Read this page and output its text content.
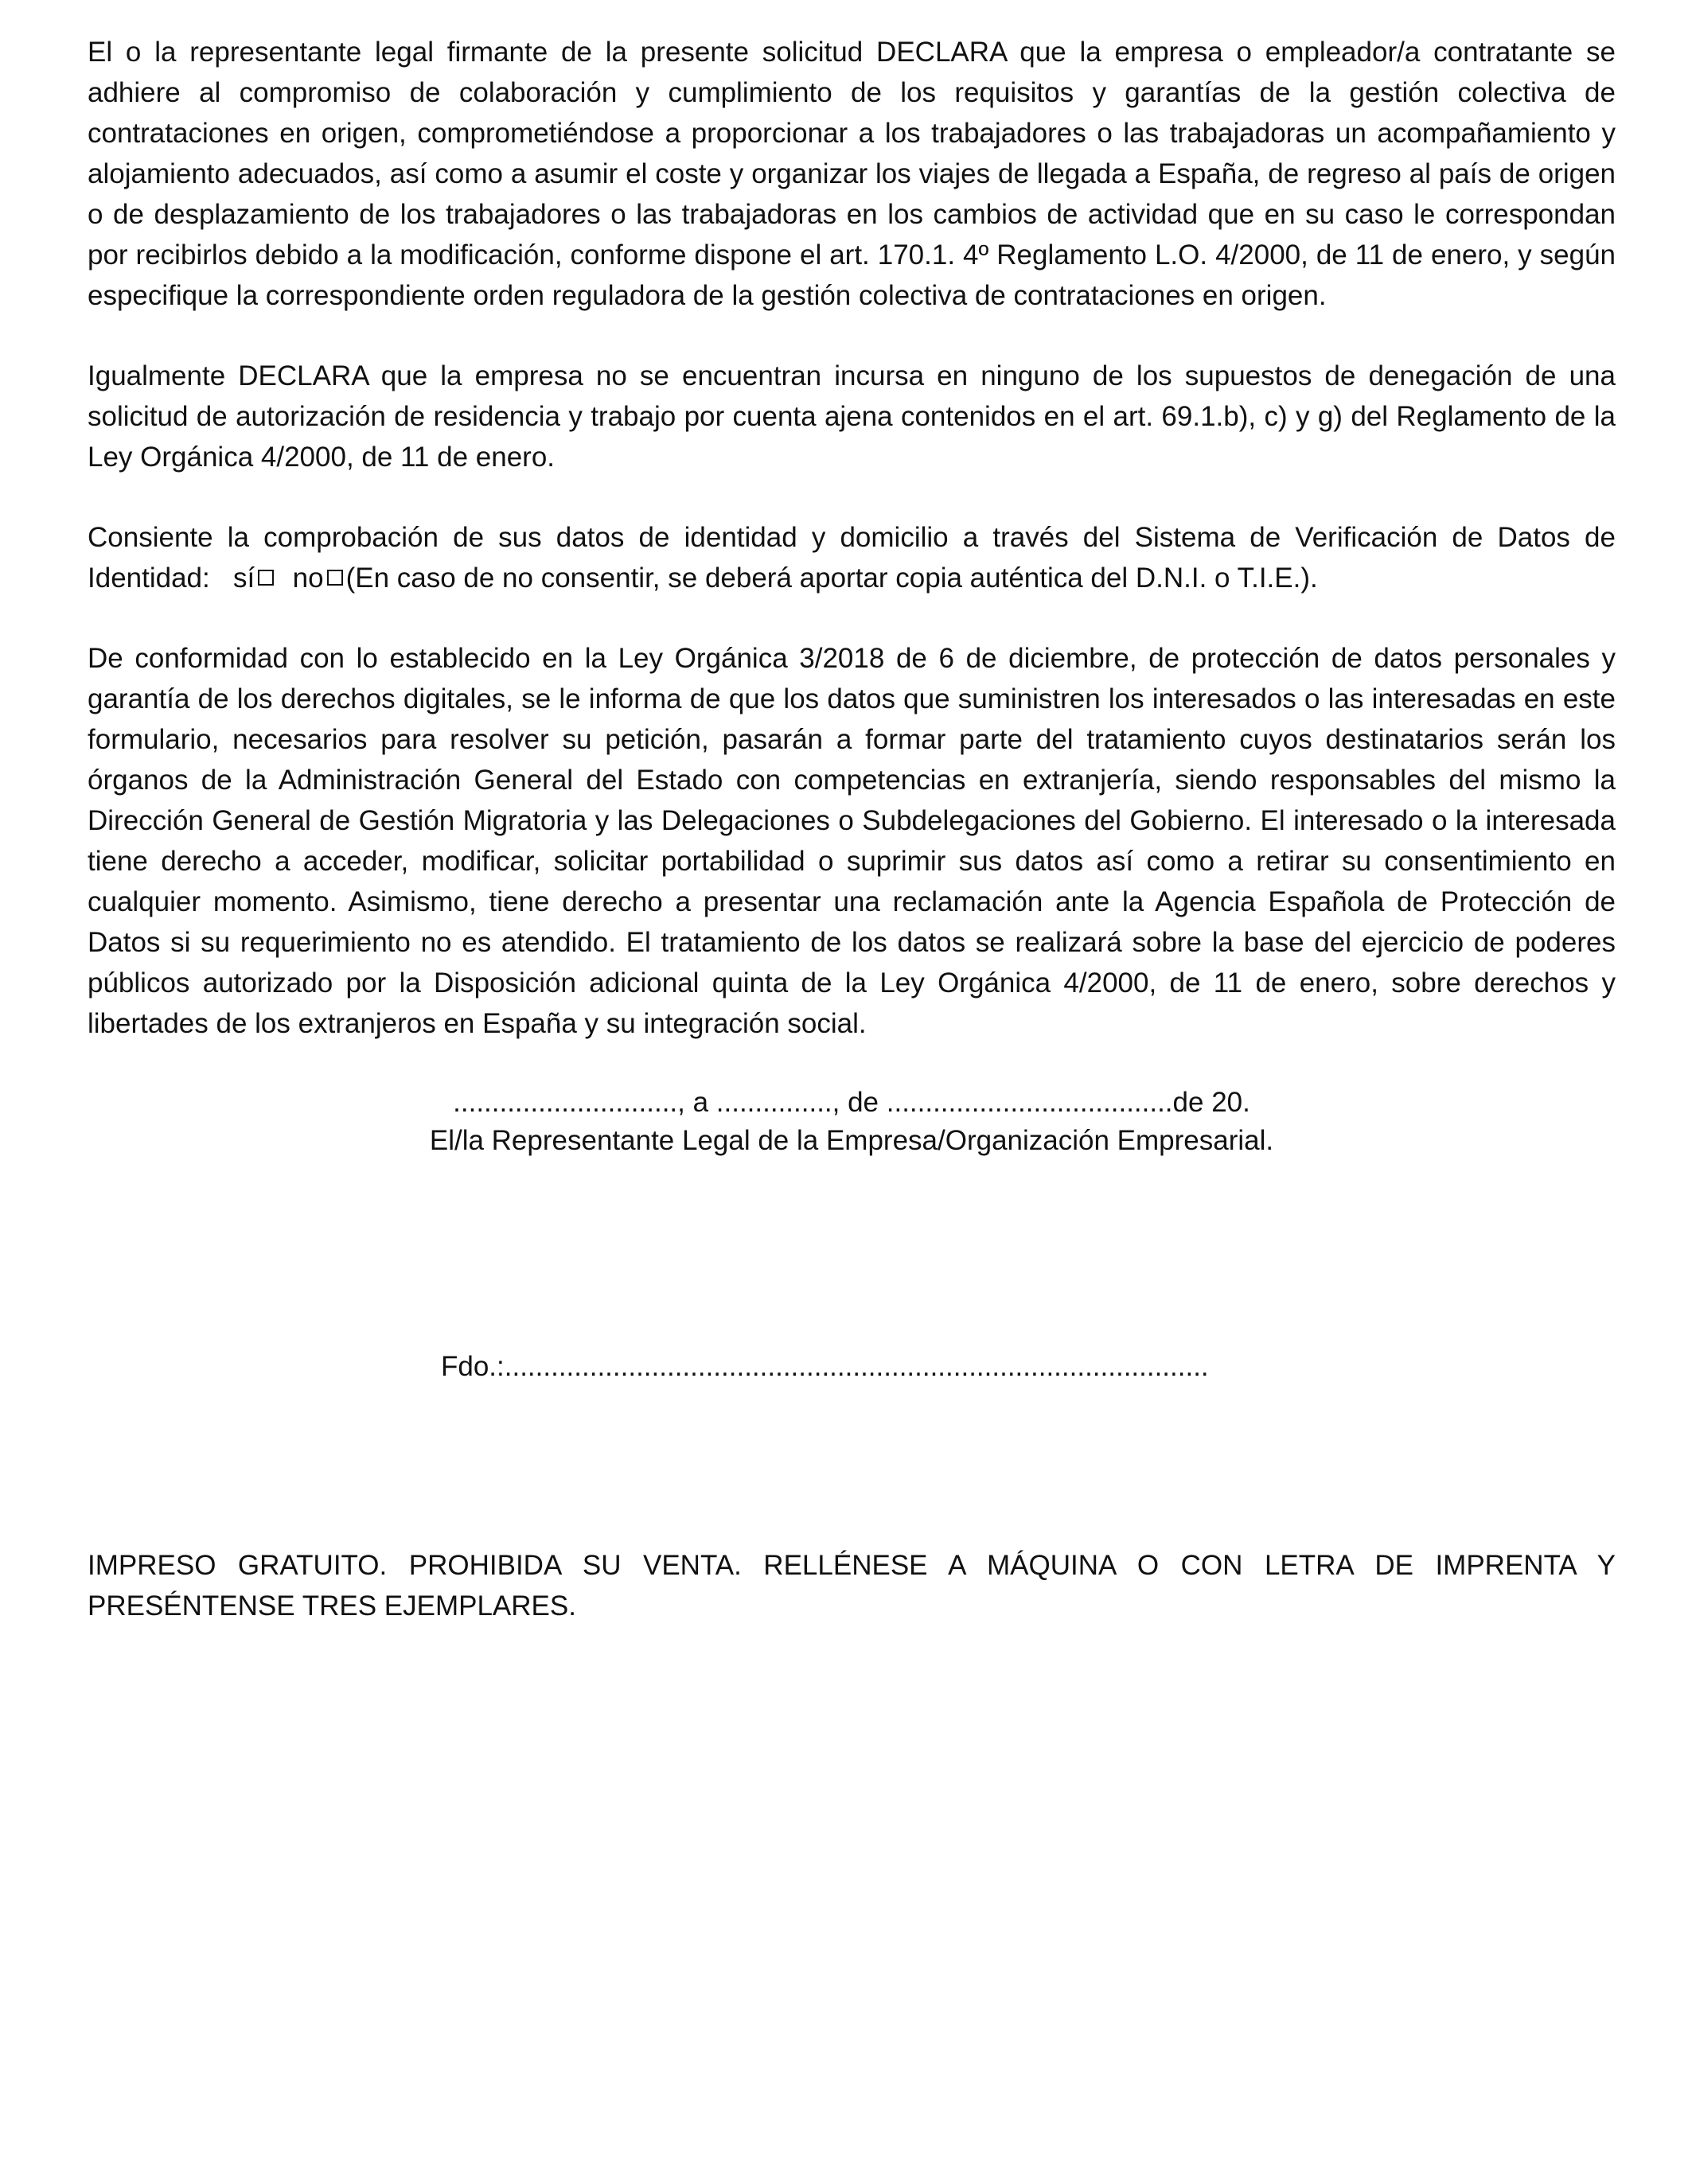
El o la representante legal firmante de la presente solicitud DECLARA que la empresa o empleador/a contratante se adhiere al compromiso de colaboración y cumplimiento de los requisitos y garantías de la gestión colectiva de contrataciones en origen, comprometiéndose a proporcionar a los trabajadores o las trabajadoras un acompañamiento y alojamiento adecuados, así como a asumir el coste y organizar los viajes de llegada a España, de regreso al país de origen o de desplazamiento de los trabajadores o las trabajadoras en los cambios de actividad que en su caso le correspondan por recibirlos debido a la modificación, conforme dispone el art. 170.1. 4º Reglamento L.O. 4/2000, de 11 de enero, y según especifique la correspondiente orden reguladora de la gestión colectiva de contrataciones en origen.

Igualmente DECLARA que la empresa no se encuentran incursa en ninguno de los supuestos de denegación de una solicitud de autorización de residencia y trabajo por cuenta ajena contenidos en el art. 69.1.b), c) y g) del Reglamento de la Ley Orgánica 4/2000, de 11 de enero.

Consiente la comprobación de sus datos de identidad y domicilio a través del Sistema de Verificación de Datos de Identidad: sí no (En caso de no consentir, se deberá aportar copia auténtica del D.N.I. o T.I.E.).

De conformidad con lo establecido en la Ley Orgánica 3/2018 de 6 de diciembre, de protección de datos personales y garantía de los derechos digitales, se le informa de que los datos que suministren los interesados o las interesadas en este formulario, necesarios para resolver su petición, pasarán a formar parte del tratamiento cuyos destinatarios serán los órganos de la Administración General del Estado con competencias en extranjería, siendo responsables del mismo la Dirección General de Gestión Migratoria y las Delegaciones o Subdelegaciones del Gobierno. El interesado o la interesada tiene derecho a acceder, modificar, solicitar portabilidad o suprimir sus datos así como a retirar su consentimiento en cualquier momento. Asimismo, tiene derecho a presentar una reclamación ante la Agencia Española de Protección de Datos si su requerimiento no es atendido. El tratamiento de los datos se realizará sobre la base del ejercicio de poderes públicos autorizado por la Disposición adicional quinta de la Ley Orgánica 4/2000, de 11 de enero, sobre derechos y libertades de los extranjeros en España y su integración social.

............................., a ..............., de .....................................de 20.

El/la Representante Legal de la Empresa/Organización Empresarial.

Fdo.:...........................................................................................

IMPRESO GRATUITO. PROHIBIDA SU VENTA. RELLÉNESE A MÁQUINA O CON LETRA DE IMPRENTA Y PRESÉNTENSE TRES EJEMPLARES.
